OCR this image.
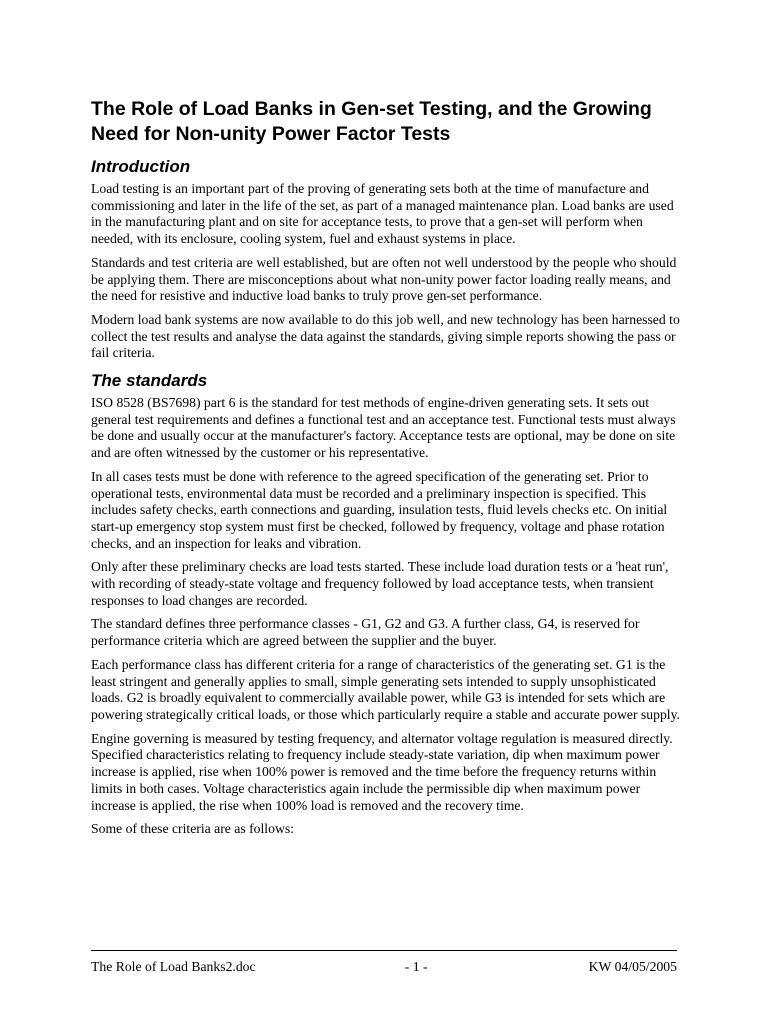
The Role of Load Banks in Gen-set Testing, and the Growing Need for Non-unity Power Factor Tests
Introduction

Load testing is an important part of the proving of generating sets both at the time of manufacture and commissioning and later in the life of the set, as part of a managed maintenance plan. Load banks are used in the manufacturing plant and on site for acceptance tests, to prove that a gen-set will perform when needed, with its enclosure, cooling system, fuel and exhaust systems in place.

Standards and test criteria are well established, but are often not well understood by the people who should be applying them. There are misconceptions about what non-unity power factor loading really means, and the need for resistive and inductive load banks to truly prove gen-set performance.

Modern load bank systems are now available to do this job well, and new technology has been harnessed to collect the test results and analyse the data against the standards, giving simple reports showing the pass or fail criteria.

The standards

ISO 8528 (BS7698) part 6 is the standard for test methods of engine-driven generating sets. It sets out general test requirements and defines a functional test and an acceptance test. Functional tests must always be done and usually occur at the manufacturer's factory. Acceptance tests are optional, may be done on site and are often witnessed by the customer or his representative.

In all cases tests must be done with reference to the agreed specification of the generating set. Prior to operational tests, environmental data must be recorded and a preliminary inspection is specified. This includes safety checks, earth connections and guarding, insulation tests, fluid levels checks etc. On initial start-up emergency stop system must first be checked, followed by frequency, voltage and phase rotation checks, and an inspection for leaks and vibration.

Only after these preliminary checks are load tests started. These include load duration tests or a 'heat run', with recording of steady-state voltage and frequency followed by load acceptance tests, when transient responses to load changes are recorded.

The standard defines three performance classes - G1, G2 and G3. A further class, G4, is reserved for performance criteria which are agreed between the supplier and the buyer.

Each performance class has different criteria for a range of characteristics of the generating set. G1 is the least stringent and generally applies to small, simple generating sets intended to supply unsophisticated loads. G2 is broadly equivalent to commercially available power, while G3 is intended for sets which are powering strategically critical loads, or those which particularly require a stable and accurate power supply.

Engine governing is measured by testing frequency, and alternator voltage regulation is measured directly. Specified characteristics relating to frequency include steady-state variation, dip when maximum power increase is applied, rise when 100% power is removed and the time before the frequency returns within limits in both cases. Voltage characteristics again include the permissible dip when maximum power increase is applied, the rise when 100% load is removed and the recovery time.

Some of these criteria are as follows:

The Role of Load Banks2.doc	- 1 -	KW 04/05/2005
